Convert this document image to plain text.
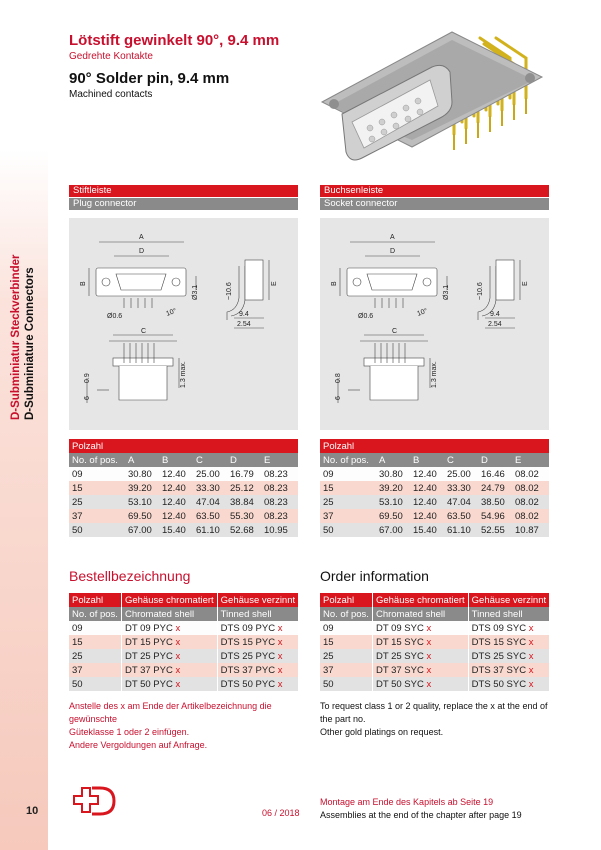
D-Subminiatur Steckverbinder D-Subminiature Connectors
10
Lötstift gewinkelt 90°, 9.4 mm
Gedrehte Kontakte
90° Solder pin, 9.4 mm
Machined contacts
Stiftleiste
Plug connector
Buchsenleiste
Socket connector
A
D
B
C
Ø3.1
Ø0.6	10°	9.4
2.54
~10.6	E
0.9
6
1.3 max.
A
D
B
C
Ø3.1
Ø0.6	10°	9.4
2.54
~10.6	E
0.8
6
1.3 max.
Polzahl					
No. of pos.	A	B	C	D	E
09	30.80	12.40	25.00	16.79	08.23
15	39.20	12.40	33.30	25.12	08.23
25	53.10	12.40	47.04	38.84	08.23
37	69.50	12.40	63.50	55.30	08.23
50	67.00	15.40	61.10	52.68	10.95
Polzahl					
No. of pos.	A	B	C	D	E
09	30.80	12.40	25.00	16.46	08.02
15	39.20	12.40	33.30	24.79	08.02
25	53.10	12.40	47.04	38.50	08.02
37	69.50	12.40	63.50	54.96	08.02
50	67.00	15.40	61.10	52.55	10.87
Bestellbezeichnung	Order information
Polzahl	Gehäuse chromatiert	Gehäuse verzinnt
No. of pos.	Chromated shell	Tinned shell
09	DT 09 PYC x	DTS 09 PYC x
15	DT 15 PYC x	DTS 15 PYC x
25	DT 25 PYC x	DTS 25 PYC x
37	DT 37 PYC x	DTS 37 PYC x
50	DT 50 PYC x	DTS 50 PYC x
Polzahl	Gehäuse chromatiert	Gehäuse verzinnt
No. of pos.	Chromated shell	Tinned shell
09	DT 09 SYC x	DTS 09 SYC x
15	DT 15 SYC x	DTS 15 SYC x
25	DT 25 SYC x	DTS 25 SYC x
37	DT 37 SYC x	DTS 37 SYC x
50	DT 50 SYC x	DTS 50 SYC x
Anstelle des x am Ende der Artikelbezeichnung die gewünschte
Güteklasse 1 oder 2 einfügen.
Andere Vergoldungen auf Anfrage.
To request class 1 or 2 quality, replace the x at the end of
the part no.
Other gold platings on request.
06 / 2018
Montage am Ende des Kapitels ab Seite 19
Assemblies at the end of the chapter after page 19
